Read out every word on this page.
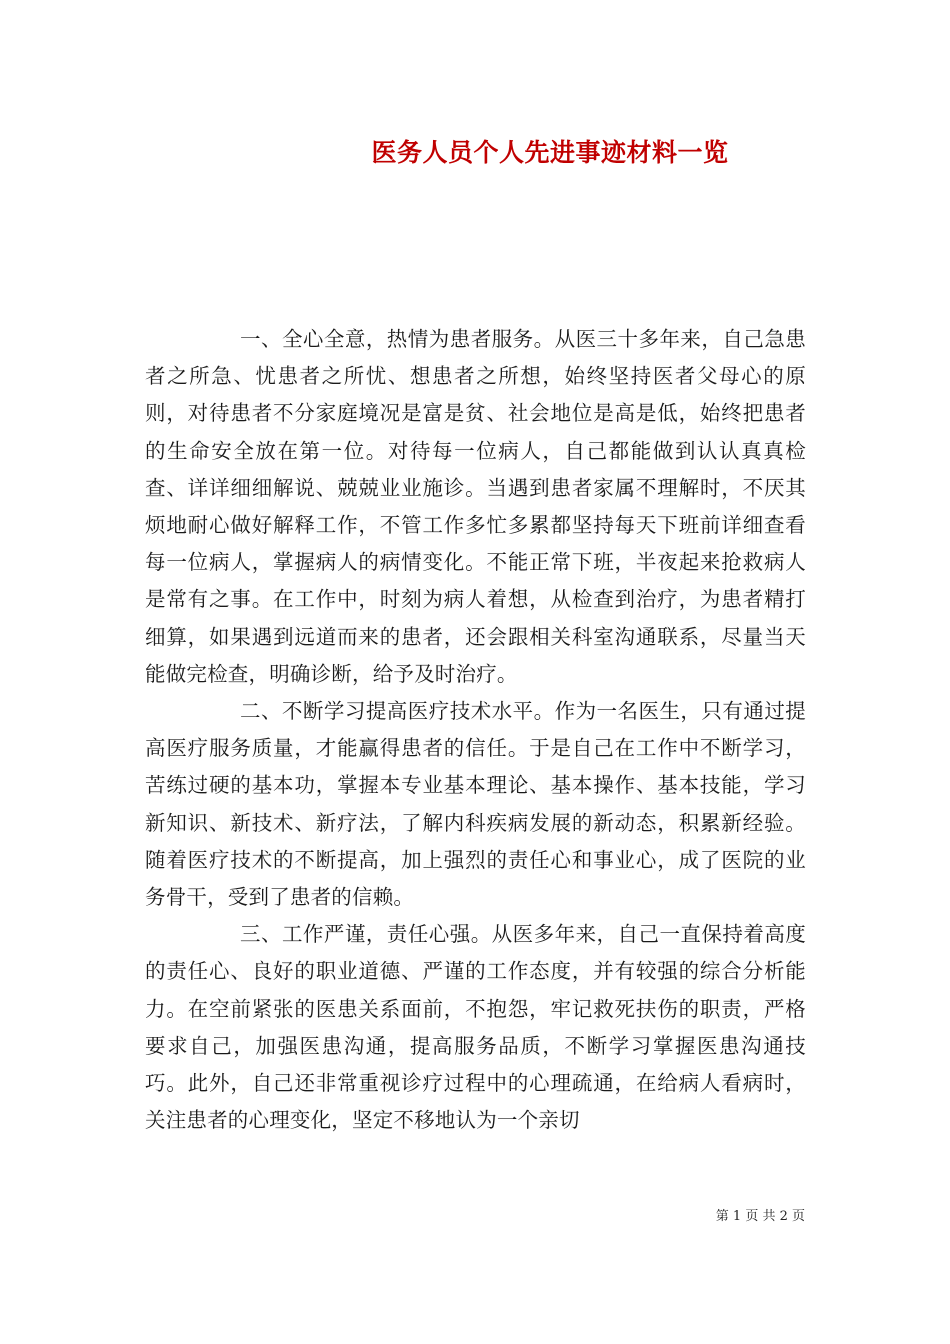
医务人员个人先进事迹材料一览

一、全心全意，热情为患者服务。从医三十多年来，自己急患者之所急、忧患者之所忧、想患者之所想，始终坚持医者父母心的原则，对待患者不分家庭境况是富是贫、社会地位是高是低，始终把患者的生命安全放在第一位。对待每一位病人，自己都能做到认认真真检查、详详细细解说、兢兢业业施诊。当遇到患者家属不理解时，不厌其烦地耐心做好解释工作，不管工作多忙多累都坚持每天下班前详细查看每一位病人，掌握病人的病情变化。不能正常下班，半夜起来抢救病人是常有之事。在工作中，时刻为病人着想，从检查到治疗，为患者精打细算，如果遇到远道而来的患者，还会跟相关科室沟通联系，尽量当天能做完检查，明确诊断，给予及时治疗。

二、不断学习提高医疗技术水平。作为一名医生，只有通过提高医疗服务质量，才能赢得患者的信任。于是自己在工作中不断学习，苦练过硬的基本功，掌握本专业基本理论、基本操作、基本技能，学习新知识、新技术、新疗法，了解内科疾病发展的新动态，积累新经验。随着医疗技术的不断提高，加上强烈的责任心和事业心，成了医院的业务骨干，受到了患者的信赖。

三、工作严谨，责任心强。从医多年来，自己一直保持着高度的责任心、良好的职业道德、严谨的工作态度，并有较强的综合分析能力。在空前紧张的医患关系面前，不抱怨，牢记救死扶伤的职责，严格要求自己，加强医患沟通，提高服务品质，不断学习掌握医患沟通技巧。此外，自己还非常重视诊疗过程中的心理疏通，在给病人看病时，关注患者的心理变化，坚定不移地认为一个亲切

第 1 页 共 2 页
